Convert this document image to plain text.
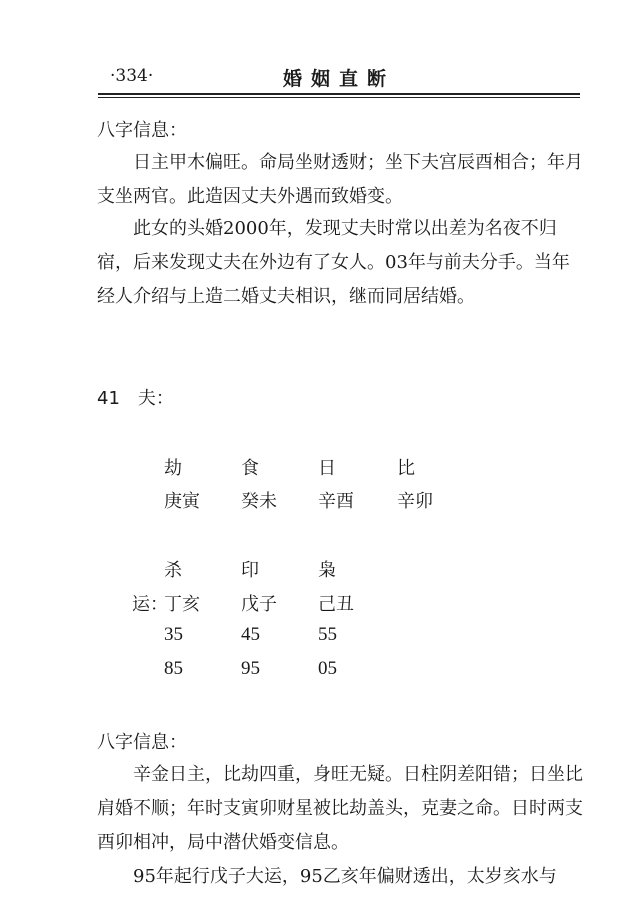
·334·	婚姻直断
八字信息：

日主甲木偏旺。命局坐财透财；坐下夫宫辰酉相合；年月支坐两官。此造因丈夫外遇而致婚变。

此女的头婚2000年，发现丈夫时常以出差为名夜不归宿，后来发现丈夫在外边有了女人。03年与前夫分手。当年经人介绍与上造二婚丈夫相识，继而同居结婚。

41　夫：
劫	食	日	比
庚寅 癸未 辛酉 辛卯
杀	印	枭
运：
丁亥 戊子 己丑
35	45	55
85	95	05
八字信息：

辛金日主，比劫四重，身旺无疑。日柱阴差阳错；日坐比肩婚不顺；年时支寅卯财星被比劫盖头，克妻之命。日时两支酉卯相冲，局中潜伏婚变信息。

95年起行戊子大运，95乙亥年偏财透出，太岁亥水与
